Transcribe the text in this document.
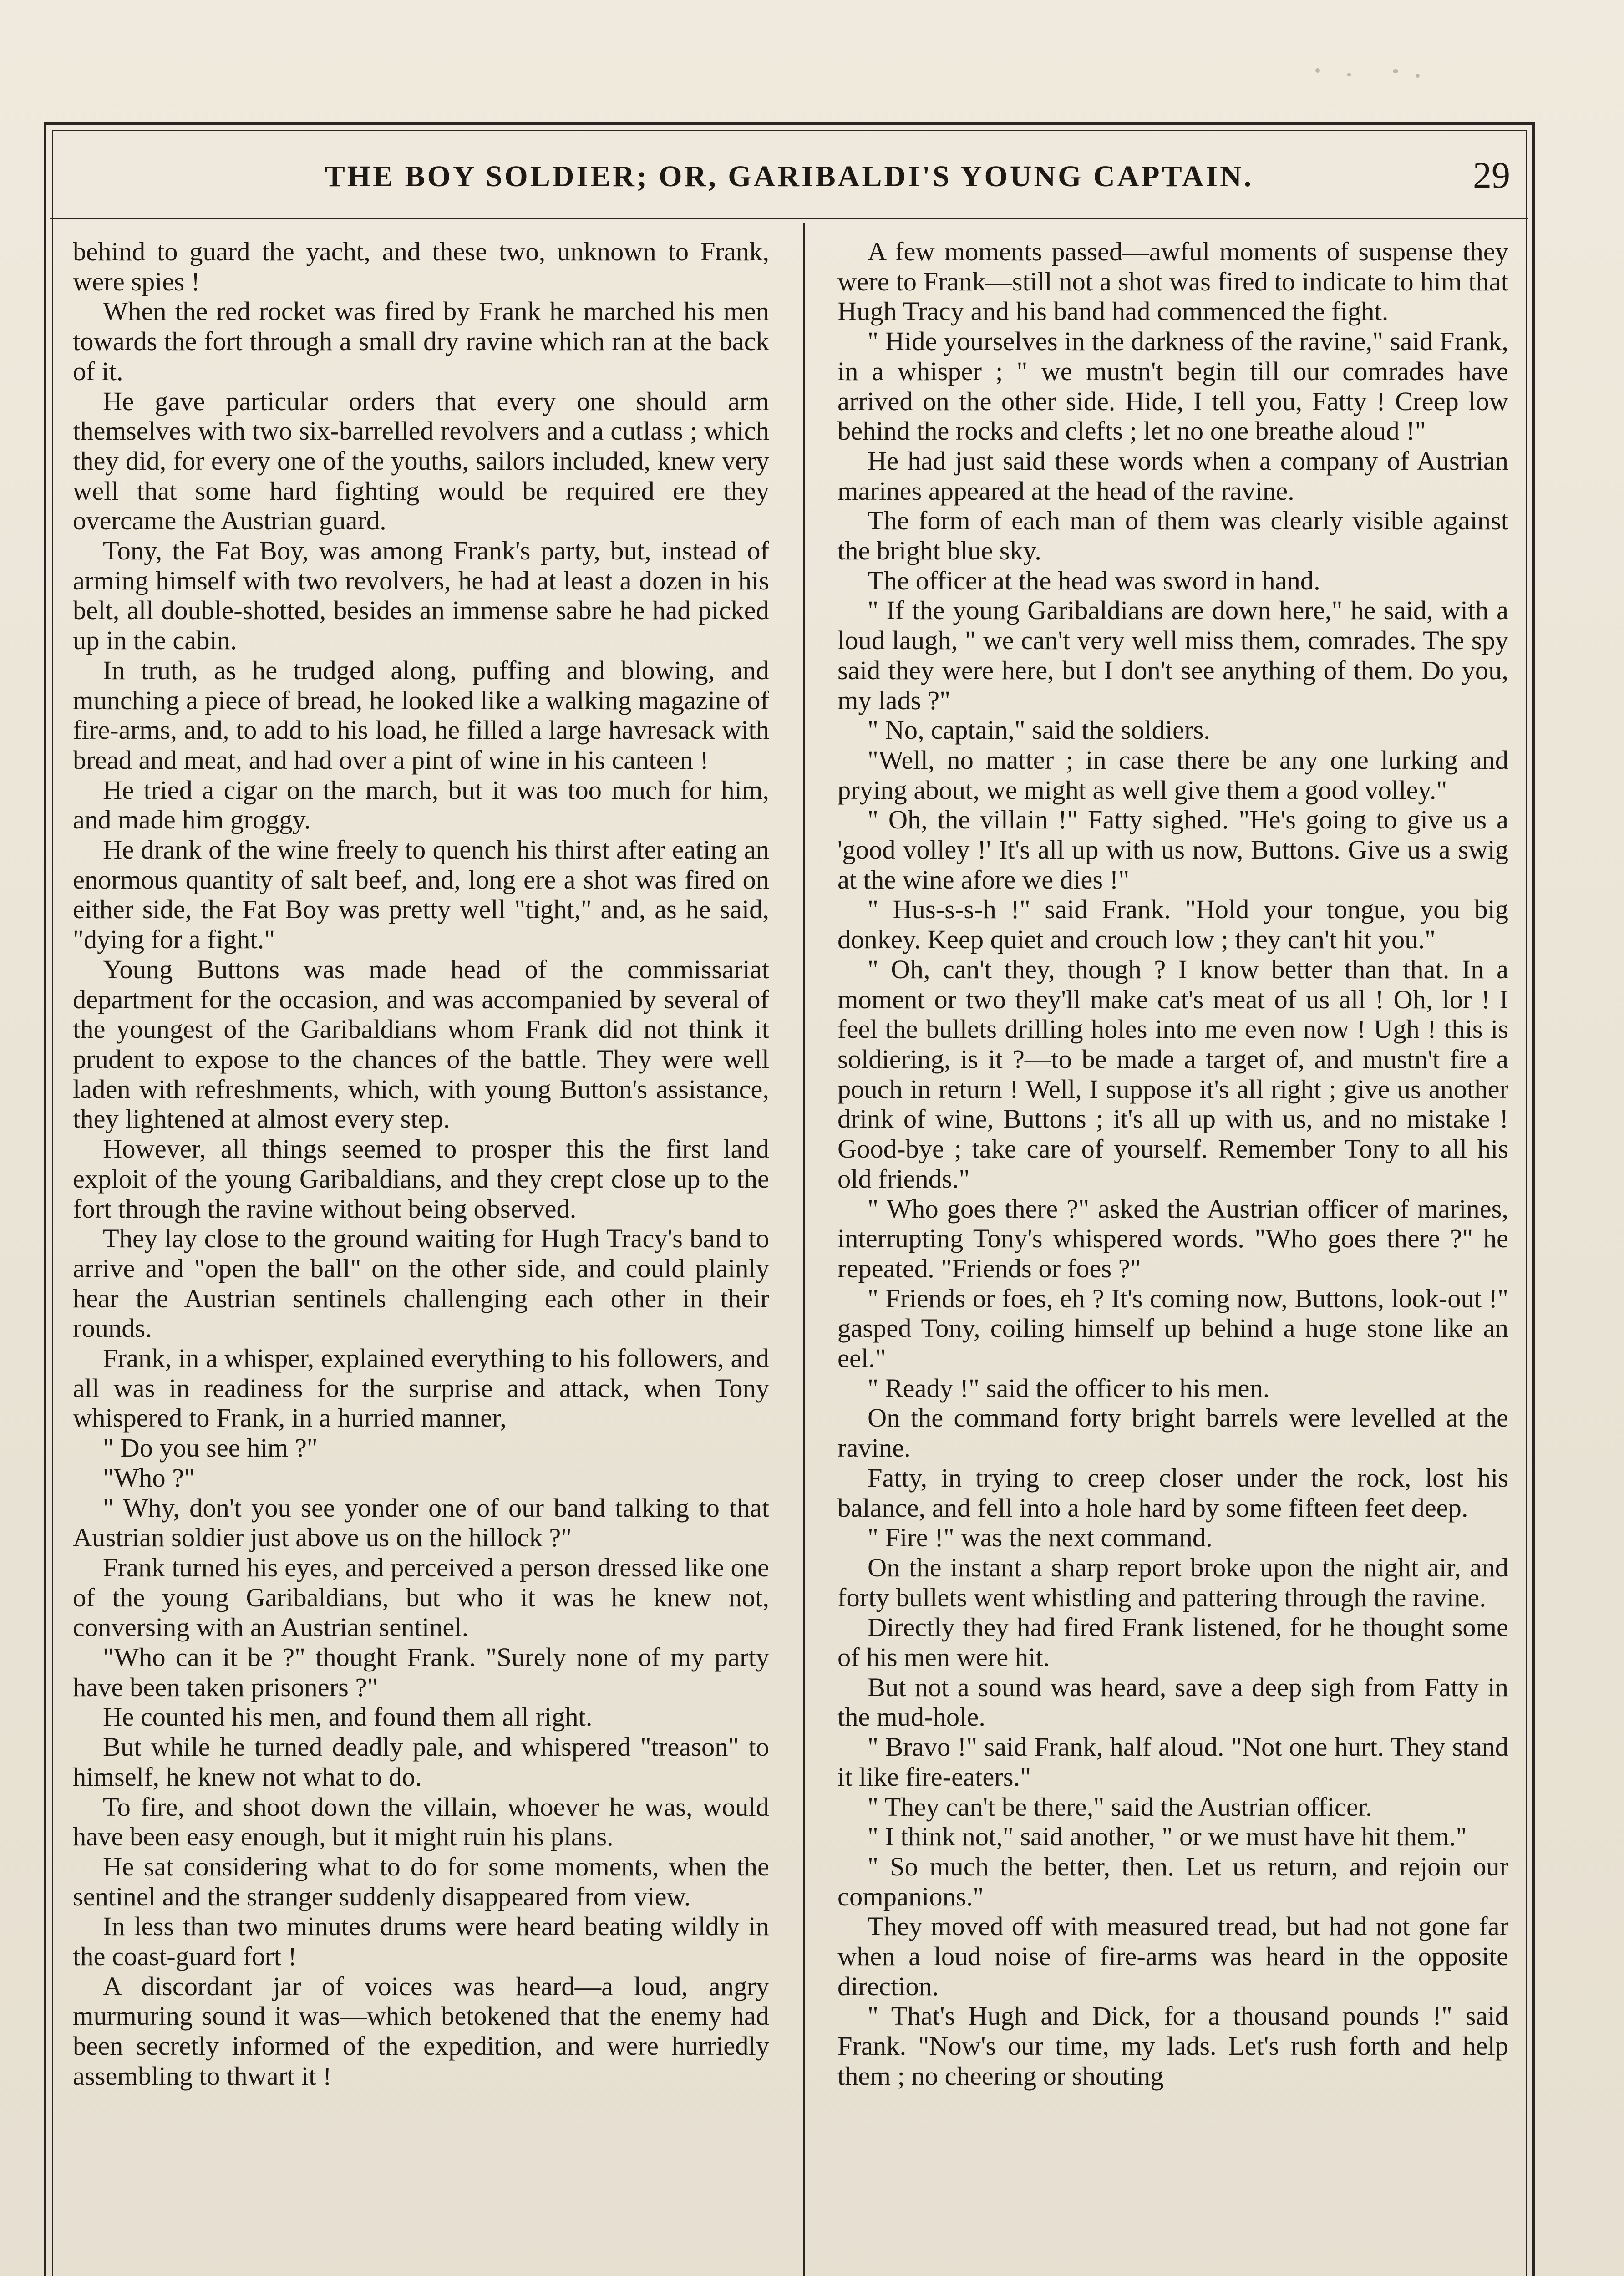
THE BOY SOLDIER; OR, GARIBALDI'S YOUNG CAPTAIN.	29

behind to guard the yacht, and these two, unknown to Frank, were spies !

When the red rocket was fired by Frank he marched his men towards the fort through a small dry ravine which ran at the back of it.

He gave particular orders that every one should arm themselves with two six-barrelled revolvers and a cutlass ; which they did, for every one of the youths, sailors included, knew very well that some hard fighting would be required ere they overcame the Austrian guard.

Tony, the Fat Boy, was among Frank's party, but, instead of arming himself with two revolvers, he had at least a dozen in his belt, all double-shotted, besides an immense sabre he had picked up in the cabin.

In truth, as he trudged along, puffing and blowing, and munching a piece of bread, he looked like a walking magazine of fire-arms, and, to add to his load, he filled a large havresack with bread and meat, and had over a pint of wine in his canteen !

He tried a cigar on the march, but it was too much for him, and made him groggy.

He drank of the wine freely to quench his thirst after eating an enormous quantity of salt beef, and, long ere a shot was fired on either side, the Fat Boy was pretty well "tight," and, as he said, "dying for a fight."

Young Buttons was made head of the commissariat department for the occasion, and was accompanied by several of the youngest of the Garibaldians whom Frank did not think it prudent to expose to the chances of the battle. They were well laden with refreshments, which, with young Button's assistance, they lightened at almost every step.

However, all things seemed to prosper this the first land exploit of the young Garibaldians, and they crept close up to the fort through the ravine without being observed.

They lay close to the ground waiting for Hugh Tracy's band to arrive and "open the ball" on the other side, and could plainly hear the Austrian sentinels challenging each other in their rounds.

Frank, in a whisper, explained everything to his followers, and all was in readiness for the surprise and attack, when Tony whispered to Frank, in a hurried manner,

" Do you see him ?"

"Who ?"

" Why, don't you see yonder one of our band talking to that Austrian soldier just above us on the hillock ?"

Frank turned his eyes, and perceived a person dressed like one of the young Garibaldians, but who it was he knew not, conversing with an Austrian sentinel.

"Who can it be ?" thought Frank. "Surely none of my party have been taken prisoners ?"

He counted his men, and found them all right.

But while he turned deadly pale, and whispered "treason" to himself, he knew not what to do.

To fire, and shoot down the villain, whoever he was, would have been easy enough, but it might ruin his plans.

He sat considering what to do for some moments, when the sentinel and the stranger suddenly disappeared from view.

In less than two minutes drums were heard beating wildly in the coast-guard fort !

A discordant jar of voices was heard—a loud, angry murmuring sound it was—which betokened that the enemy had been secretly informed of the expedition, and were hurriedly assembling to thwart it !

A few moments passed—awful moments of suspense they were to Frank—still not a shot was fired to indicate to him that Hugh Tracy and his band had commenced the fight.

" Hide yourselves in the darkness of the ravine," said Frank, in a whisper ; " we mustn't begin till our comrades have arrived on the other side. Hide, I tell you, Fatty ! Creep low behind the rocks and clefts ; let no one breathe aloud !"

He had just said these words when a company of Austrian marines appeared at the head of the ravine.

The form of each man of them was clearly visible against the bright blue sky.

The officer at the head was sword in hand.

" If the young Garibaldians are down here," he said, with a loud laugh, " we can't very well miss them, comrades. The spy said they were here, but I don't see anything of them. Do you, my lads ?"

" No, captain," said the soldiers.

"Well, no matter ; in case there be any one lurking and prying about, we might as well give them a good volley."

" Oh, the villain !" Fatty sighed. "He's going to give us a 'good volley !' It's all up with us now, Buttons. Give us a swig at the wine afore we dies !"

" Hus-s-s-h !" said Frank. "Hold your tongue, you big donkey. Keep quiet and crouch low ; they can't hit you."

" Oh, can't they, though ? I know better than that. In a moment or two they'll make cat's meat of us all ! Oh, lor ! I feel the bullets drilling holes into me even now ! Ugh ! this is soldiering, is it ?—to be made a target of, and mustn't fire a pouch in return ! Well, I suppose it's all right ; give us another drink of wine, Buttons ; it's all up with us, and no mistake ! Good-bye ; take care of yourself. Remember Tony to all his old friends."

" Who goes there ?" asked the Austrian officer of marines, interrupting Tony's whispered words. "Who goes there ?" he repeated. "Friends or foes ?"

" Friends or foes, eh ? It's coming now, Buttons, look-out !" gasped Tony, coiling himself up behind a huge stone like an eel."

" Ready !" said the officer to his men.

On the command forty bright barrels were levelled at the ravine.

Fatty, in trying to creep closer under the rock, lost his balance, and fell into a hole hard by some fifteen feet deep.

" Fire !" was the next command.

On the instant a sharp report broke upon the night air, and forty bullets went whistling and pattering through the ravine.

Directly they had fired Frank listened, for he thought some of his men were hit.

But not a sound was heard, save a deep sigh from Fatty in the mud-hole.

" Bravo !" said Frank, half aloud. "Not one hurt. They stand it like fire-eaters."

" They can't be there," said the Austrian officer.

" I think not," said another, " or we must have hit them."

" So much the better, then. Let us return, and rejoin our companions."

They moved off with measured tread, but had not gone far when a loud noise of fire-arms was heard in the opposite direction.

" That's Hugh and Dick, for a thousand pounds !" said Frank. "Now's our time, my lads. Let's rush forth and help them ; no cheering or shouting
